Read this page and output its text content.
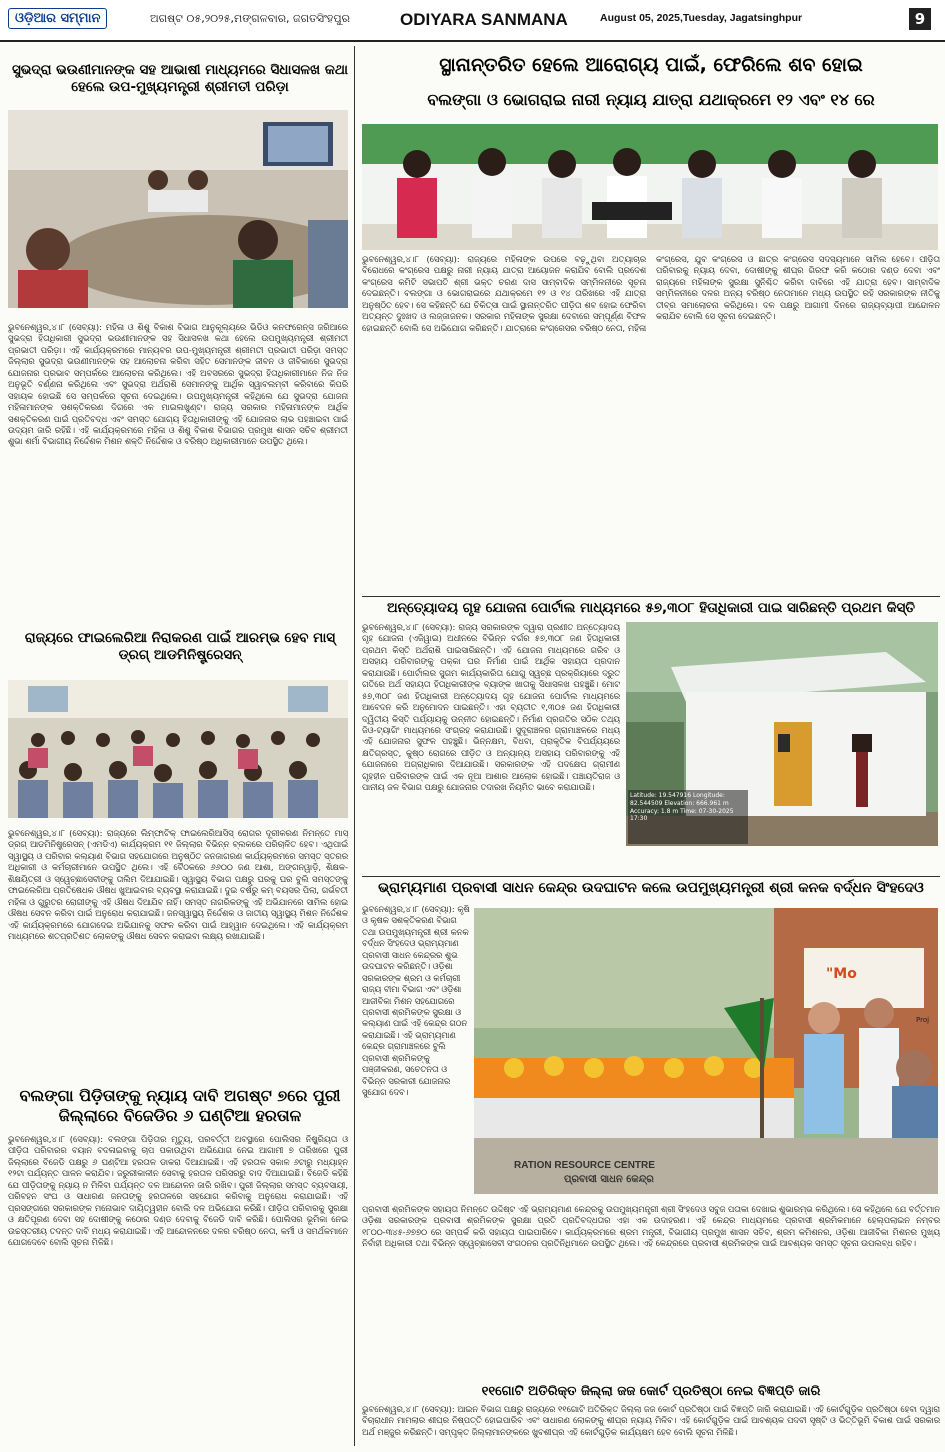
ଓଡ଼ିଆର ସମ୍ମାନ	ଅଗଷ୍ଟ ୦୫,୨୦୨୫,ମଙ୍ଗଳବାର, ଜଗତସିଂହପୁର	ODIYARA SANMANA	August 05, 2025,Tuesday, Jagatsinghpur	9
ସୁଭଦ୍ରା ଭଉଣୀମାନଙ୍କ ସହ ଆଭାଷୀ ମାଧ୍ୟମରେ ସିଧାସଳଖ କଥା ହେଲେ ଉପ-ମୁଖ୍ୟମନ୍ତ୍ରୀ ଶ୍ରୀମତୀ ପରିଡ଼ା
ଭୁବନେଶ୍ୱର,୪।୮ (ସେବ୍ୟା): ମହିଳା ଓ ଶିଶୁ ବିକାଶ ବିଭାଗ ଆନୁକୂଲ୍ୟରେ ଭିଡିଓ କନଫରେନ୍ସ ଜରିଆରେ ସୁଭଦ୍ରା ହିତାଧିକାରୀ ସୁଭଦ୍ରା ଭଉଣୀମାନଙ୍କ ସହ ସିଧାସଳଖ କଥା ହେଲେ ଉପମୁଖ୍ୟମନ୍ତ୍ରୀ ଶ୍ରୀମତୀ ପ୍ରଭାତୀ ପରିଡ଼ା। ଏହି କାର୍ଯ୍ୟକ୍ରମରେ ମାନ୍ୟବର ଉପ-ମୁଖ୍ୟମନ୍ତ୍ରୀ ଶ୍ରୀମତୀ ପ୍ରଭାତୀ ପରିଡ଼ା ସମସ୍ତ ଜିଲ୍ଲାର ସୁଭଦ୍ରା ଭଉଣୀମାନଙ୍କ ସହ ଆଲୋଚନା କରିବା ସହିତ ସେମାନଙ୍କ ଜୀବନ ଓ ଜୀବିକାରେ ସୁଭଦ୍ରା ଯୋଜନାର ପ୍ରଭାବ ସମ୍ପର୍କରେ ଆଲୋଚନା କରିଥିଲେ। ଏହି ଅବସରରେ ସୁଭଦ୍ରା ହିତାଧିକାରୀମାନେ ନିଜ ନିଜ ଅନୁଭୂତି ବର୍ଣ୍ଣନା କରିଥିଲେ ଏବଂ ସୁଭଦ୍ରା ଅର୍ଥରାଶି ସେମାନଙ୍କୁ ଆର୍ଥିକ ସ୍ୱାବଲମ୍ବୀ କରିବାରେ କିପରି ସହାୟକ ହୋଇଛି ସେ ସମ୍ପର୍କରେ ସୂଚନା ଦେଇଥିଲେ। ଉପମୁଖ୍ୟମନ୍ତ୍ରୀ କହିଥିଲେ ଯେ ସୁଭଦ୍ରା ଯୋଜନା ମହିଳାମାନଙ୍କ ସଶକ୍ତିକରଣ ଦିଗରେ ଏକ ମାଇଲଖୁଣ୍ଟ। ରାଜ୍ୟ ସରକାର ମହିଳାମାନଙ୍କ ଆର୍ଥିକ ସଶକ୍ତିକରଣ ପାଇଁ ପ୍ରତିବଦ୍ଧ ଏବଂ ସମସ୍ତ ଯୋଗ୍ୟ ହିତାଧିକାରୀଙ୍କୁ ଏହି ଯୋଜନାର ଲାଭ ପହଞ୍ଚାଇବା ପାଇଁ ଉଦ୍ୟମ ଜାରି ରହିଛି। ଏହି କାର୍ଯ୍ୟକ୍ରମରେ ମହିଳା ଓ ଶିଶୁ ବିକାଶ ବିଭାଗର ପ୍ରମୁଖ ଶାସନ ସଚିବ ଶ୍ରୀମତୀ ଶୁଭା ଶର୍ମା ବିଭାଗୀୟ ନିର୍ଦ୍ଦେଶକ ମିଶନ ଶକ୍ତି ନିର୍ଦ୍ଦେଶକ ଓ ବରିଷ୍ଠ ଅଧିକାରୀମାନେ ଉପସ୍ଥିତ ଥିଲେ।
ରାଜ୍ୟରେ ଫାଇଲେରିଆ ନିରାକରଣ ପାଇଁ ଆରମ୍ଭ ହେବ ମାସ୍ ଡ୍ରଗ୍ ଆଡମିନିଷ୍ଟ୍ରେସନ୍
ଭୁବନେଶ୍ୱର,୪।୮ (ସେବ୍ୟା): ରାଜ୍ୟରେ ଲିମ୍ଫାଟିକ୍ ଫାଇଲେରିଆସିସ୍ ରୋଗର ଦୂରୀକରଣ ନିମନ୍ତେ ମାସ୍ ଡ୍ରଗ୍ ଆଡମିନିଷ୍ଟ୍ରେସନ୍ (ଏମଡିଏ) କାର୍ଯ୍ୟକ୍ରମ ୧୧ ଜିଲ୍ଲାର ବିଭିନ୍ନ ବ୍ଲକରେ ପରିଚାଳିତ ହେବ। ଏଥିପାଇଁ ସ୍ୱାସ୍ଥ୍ୟ ଓ ପରିବାର କଲ୍ୟାଣ ବିଭାଗ ସହଯୋଗରେ ଅନୁଷ୍ଠିତ ଜନଜାଗରଣ କାର୍ଯ୍ୟକ୍ରମରେ ସମସ୍ତ ସ୍ତରର ଅଧିକାରୀ ଓ କର୍ମଚାରୀମାନେ ଉପସ୍ଥିତ ଥିଲେ। ଏହି ବୈଠକରେ ୬୬୦୦ ଜଣ ଆଶା, ଅଙ୍ଗନୱାଡ଼ି, ଶିକ୍ଷକ-ଶିକ୍ଷୟିତ୍ରୀ ଓ ସ୍ୱେଚ୍ଛାସେବୀଙ୍କୁ ତାଲିମ ଦିଆଯାଇଛି। ସ୍ୱାସ୍ଥ୍ୟ ବିଭାଗ ପକ୍ଷରୁ ଘରକୁ ଘର ବୁଲି ସମସ୍ତଙ୍କୁ ଫାଇଲେରିଆ ପ୍ରତିଷେଧକ ଔଷଧ ଖୁଆଇବାର ବ୍ୟବସ୍ଥା କରାଯାଇଛି। ଦୁଇ ବର୍ଷରୁ କମ୍ ବୟସର ପିଲା, ଗର୍ଭବତୀ ମହିଳା ଓ ଗୁରୁତର ରୋଗୀଙ୍କୁ ଏହି ଔଷଧ ଦିଆଯିବ ନାହିଁ। ସମସ୍ତ ନାଗରିକଙ୍କୁ ଏହି ଅଭିଯାନରେ ସାମିଲ ହୋଇ ଔଷଧ ସେବନ କରିବା ପାଇଁ ଅନୁରୋଧ କରାଯାଇଛି। ଜନସ୍ୱାସ୍ଥ୍ୟ ନିର୍ଦ୍ଦେଶକ ଓ ଜାତୀୟ ସ୍ୱାସ୍ଥ୍ୟ ମିଶନ ନିର୍ଦ୍ଦେଶକ ଏହି କାର୍ଯ୍ୟକ୍ରମରେ ଯୋଗଦେଇ ଅଭିଯାନକୁ ସଫଳ କରିବା ପାଇଁ ଆହ୍ୱାନ ଦେଇଥିଲେ। ଏହି କାର୍ଯ୍ୟକ୍ରମ ମାଧ୍ୟମରେ ଶତପ୍ରତିଶତ ଲୋକଙ୍କୁ ଔଷଧ ସେବନ କରାଇବା ଲକ୍ଷ୍ୟ ରଖାଯାଇଛି।
ବଲଙ୍ଗା ପିଡ଼ିତାଙ୍କୁ ନ୍ୟାୟ ଦାବି ଅଗଷ୍ଟ ୭ରେ ପୁରୀ ଜିଲ୍ଲାରେ ବିଜେଡିର ୬ ଘଣ୍ଟିଆ ହରତାଳ
ଭୁବନେଶ୍ୱର,୪।୮ (ସେବ୍ୟା): ବଲଙ୍ଗା ପିଡ଼ିତାର ମୃତ୍ୟୁ, ପରବର୍ତ୍ତୀ ଅବସ୍ଥାରେ ପୋଲିସର ନିଷ୍କ୍ରିୟତା ଓ ପୀଡ଼ିତା ପରିବାରର ବୟାନ ବଦଳାଇବାକୁ ଚାପ ପକାଉଥିବା ଅଭିଯୋଗ ନେଇ ଆଗାମୀ ୭ ତାରିଖରେ ପୁରୀ ଜିଲ୍ଲାରେ ବିଜେଡି ପକ୍ଷରୁ ୬ ଘଣ୍ଟିଆ ହରତାଳ ଡାକରା ଦିଆଯାଇଛି। ଏହି ହରତାଳ ସକାଳ ୬ଟାରୁ ମଧ୍ୟାହ୍ନ ୧୨ଟା ପର୍ଯ୍ୟନ୍ତ ପାଳନ କରାଯିବ। ଜରୁରୀକାଳୀନ ସେବାକୁ ହରତାଳ ପରିସରରୁ ବାଦ ଦିଆଯାଇଛି। ବିଜେଡି କହିଛି ଯେ ପୀଡ଼ିତାଙ୍କୁ ନ୍ୟାୟ ନ ମିଳିବା ପର୍ଯ୍ୟନ୍ତ ଦଳ ଆନ୍ଦୋଳନ ଜାରି ରଖିବ। ପୁରୀ ଜିଲ୍ଲାର ସମସ୍ତ ବ୍ୟବସାୟୀ, ପରିବହନ ସଂଘ ଓ ସାଧାରଣ ଜନତାଙ୍କୁ ହରତାଳରେ ସହଯୋଗ କରିବାକୁ ଅନୁରୋଧ କରାଯାଇଛି। ଏହି ପ୍ରସଙ୍ଗରେ ସରକାରଙ୍କ ମନୋଭାବ ଦାୟିତ୍ୱହୀନ ବୋଲି ଦଳ ଅଭିଯୋଗ କରିଛି। ପୀଡ଼ିତା ପରିବାରକୁ ସୁରକ୍ଷା ଓ କ୍ଷତିପୂରଣ ଦେବା ସହ ଦୋଷୀଙ୍କୁ କଠୋର ଦଣ୍ଡ ଦେବାକୁ ବିଜେଡି ଦାବି କରିଛି। ପୋଲିସର ଭୂମିକା ନେଇ ଉଚ୍ଚସ୍ତରୀୟ ତଦନ୍ତ ଦାବି ମଧ୍ୟ କରାଯାଇଛି। ଏହି ଆନ୍ଦୋଳନରେ ଦଳର ବରିଷ୍ଠ ନେତା, କର୍ମୀ ଓ ସମର୍ଥକମାନେ ଯୋଗଦେବେ ବୋଲି ସୂଚନା ମିଳିଛି।
ସ୍ଥାନାନ୍ତରିତ ହେଲେ ଆରୋଗ୍ୟ ପାଇଁ, ଫେରିଲେ ଶବ ହୋଇ
ବଲଙ୍ଗା ଓ ଭୋଗରାଇ ନାରୀ ନ୍ୟାୟ ଯାତ୍ରା ଯଥାକ୍ରମେ ୧୨ ଏବଂ ୧୪ ରେ
ଭୁବନେଶ୍ୱର,୪।୮ (ସେବ୍ୟା): ରାଜ୍ୟରେ ମହିଳାଙ୍କ ଉପରେ ବଢ଼ୁଥିବା ଅତ୍ୟାଚାର ବିରୋଧରେ କଂଗ୍ରେସ ପକ୍ଷରୁ ନାରୀ ନ୍ୟାୟ ଯାତ୍ରା ଆୟୋଜନ କରାଯିବ ବୋଲି ପ୍ରଦେଶ କଂଗ୍ରେସ କମିଟି ସଭାପତି ଶ୍ରୀ ଭକ୍ତ ଚରଣ ଦାସ ସାମ୍ବାଦିକ ସମ୍ମିଳନୀରେ ସୂଚନା ଦେଇଛନ୍ତି। ବଲଙ୍ଗା ଓ ଭୋଗରାଇରେ ଯଥାକ୍ରମେ ୧୨ ଓ ୧୪ ତାରିଖରେ ଏହି ଯାତ୍ରା ଅନୁଷ୍ଠିତ ହେବ। ସେ କହିଛନ୍ତି ଯେ ଚିକିତ୍ସା ପାଇଁ ସ୍ଥାନାନ୍ତରିତ ପୀଡ଼ିତା ଶବ ହୋଇ ଫେରିବା ଅତ୍ୟନ୍ତ ଦୁଃଖଦ ଓ ଲଜ୍ଜାଜନକ। ସରକାର ମହିଳାଙ୍କ ସୁରକ୍ଷା ଦେବାରେ ସମ୍ପୂର୍ଣ୍ଣ ବିଫଳ ହୋଇଛନ୍ତି ବୋଲି ସେ ଅଭିଯୋଗ କରିଛନ୍ତି। ଯାତ୍ରାରେ କଂଗ୍ରେସର ବରିଷ୍ଠ ନେତା, ମହିଳା କଂଗ୍ରେସ, ଯୁବ କଂଗ୍ରେସ ଓ ଛାତ୍ର କଂଗ୍ରେସ ସଦସ୍ୟମାନେ ସାମିଲ ହେବେ। ପୀଡ଼ିତା ପରିବାରକୁ ନ୍ୟାୟ ଦେବା, ଦୋଷୀଙ୍କୁ ଶୀଘ୍ର ଗିରଫ କରି କଠୋର ଦଣ୍ଡ ଦେବା ଏବଂ ରାଜ୍ୟରେ ମହିଳାଙ୍କ ସୁରକ୍ଷା ସୁନିଶ୍ଚିତ କରିବା ଦାବିରେ ଏହି ଯାତ୍ରା ହେବ। ସାମ୍ବାଦିକ ସମ୍ମିଳନୀରେ ଦଳର ଅନ୍ୟ ବରିଷ୍ଠ ନେତାମାନେ ମଧ୍ୟ ଉପସ୍ଥିତ ରହି ସରକାରଙ୍କ ନୀତିକୁ ତୀବ୍ର ସମାଲୋଚନା କରିଥିଲେ। ଦଳ ପକ୍ଷରୁ ଆଗାମୀ ଦିନରେ ରାଜ୍ୟବ୍ୟାପୀ ଆନ୍ଦୋଳନ କରାଯିବ ବୋଲି ସେ ସୂଚନା ଦେଇଛନ୍ତି।
ଅନ୍ତ୍ୟୋଦୟ ଗୃହ ଯୋଜନା ପୋର୍ଟାଲ ମାଧ୍ୟମରେ ୫୭,୩୦୮ ହିତାଧିକାରୀ ପାଇ ସାରିଛନ୍ତି ପ୍ରଥମ କିସ୍ତି
ଭୁବନେଶ୍ୱର,୪।୮ (ସେବ୍ୟା): ରାଜ୍ୟ ସରକାରଙ୍କ ଦ୍ୱାରା ପ୍ରଣୀତ ଅନ୍ତ୍ୟୋଦୟ ଗୃହ ଯୋଜନା (ଏଜିୱାଇ) ଅଧୀନରେ ବିଭିନ୍ନ ବର୍ଗର ୫୭,୩୦୮ ଜଣ ହିତାଧିକାରୀ ପ୍ରଥମ କିସ୍ତି ଅର୍ଥରାଶି ପାଇସାରିଛନ୍ତି। ଏହି ଯୋଜନା ମାଧ୍ୟମରେ ଗରିବ ଓ ଅସହାୟ ପରିବାରଙ୍କୁ ପକ୍କା ଘର ନିର୍ମାଣ ପାଇଁ ଆର୍ଥିକ ସହାୟତା ପ୍ରଦାନ କରାଯାଉଛି। ପୋର୍ଟାଲର ସୁଗମ କାର୍ଯ୍ୟକାରିତା ଯୋଗୁ ସ୍ୱଚ୍ଛ ପ୍ରକ୍ରିୟାରେ ଦ୍ରୁତ ଗତିରେ ଅର୍ଥ ସହାୟତା ହିତାଧିକାରୀଙ୍କ ବ୍ୟାଙ୍କ ଖାତାକୁ ସିଧାସଳଖ ପହଞ୍ଚୁଛି। ମୋଟ ୫୭,୩୦୮ ଜଣ ହିତାଧିକାରୀ ଅନ୍ତ୍ୟୋଦୟ ଗୃହ ଯୋଜନା ପୋର୍ଟାଲ ମାଧ୍ୟମରେ ଆବେଦନ କରି ଅନୁମୋଦନ ପାଇଛନ୍ତି। ଏହା ବ୍ୟତୀତ ୧,୩୦୫ ଜଣ ହିତାଧିକାରୀ ଦ୍ୱିତୀୟ କିସ୍ତି ପର୍ଯ୍ୟାୟକୁ ଉନ୍ନୀତ ହୋଇଛନ୍ତି। ନିର୍ମାଣ ପ୍ରଗତିର ସଠିକ ତଥ୍ୟ ଜିଓ-ଟ୍ୟାଗିଂ ମାଧ୍ୟମରେ ସଂଗ୍ରହ କରାଯାଉଛି। ସୁଦୂରାଞ୍ଚଳର ଗ୍ରାମାଞ୍ଚଳରେ ମଧ୍ୟ ଏହି ଯୋଜନାର ସୁଫଳ ପହଞ୍ଚୁଛି। ଭିନ୍ନକ୍ଷମ, ବିଧବା, ପ୍ରାକୃତିକ ବିପର୍ଯ୍ୟୟରେ କ୍ଷତିଗ୍ରସ୍ତ, କୁଷ୍ଠ ରୋଗରେ ପୀଡ଼ିତ ଓ ଅନ୍ୟାନ୍ୟ ଅସହାୟ ପରିବାରଙ୍କୁ ଏହି ଯୋଜନାରେ ଅଗ୍ରାଧିକାର ଦିଆଯାଉଛି। ସରକାରଙ୍କ ଏହି ପଦକ୍ଷେପ ଗ୍ରାମୀଣ ଗୃହହୀନ ପରିବାରଙ୍କ ପାଇଁ ଏକ ନୂଆ ଆଶାର ଆଲୋକ ହୋଇଛି। ପଞ୍ଚାୟତିରାଜ ଓ ପାନୀୟ ଜଳ ବିଭାଗ ପକ୍ଷରୁ ଯୋଜନାର ତଦାରଖ ନିୟମିତ ଭାବେ କରାଯାଉଛି।
Latitude: 19.547916 Longitude: 82.544509 Elevation: 666.961 m Accuracy: 1.8 m Time: 07-30-2025 17:30
ଭ୍ରାମ୍ୟମାଣ ପ୍ରବାସୀ ସାଧନ କେନ୍ଦ୍ର ଉଦଘାଟନ କଲେ ଉପମୁଖ୍ୟମନ୍ତ୍ରୀ ଶ୍ରୀ କନକ ବର୍ଦ୍ଧନ ସିଂହଦେଓ
ଭୁବନେଶ୍ୱର,୪।୮ (ସେବ୍ୟା): କୃଷି ଓ କୃଷକ ସଶକ୍ତିକରଣ ବିଭାଗ ତଥା ଉପମୁଖ୍ୟମନ୍ତ୍ରୀ ଶ୍ରୀ କନକ ବର୍ଦ୍ଧନ ସିଂହଦେଓ ଭ୍ରାମ୍ୟମାଣ ପ୍ରବାସୀ ସାଧନ କେନ୍ଦ୍ରର ଶୁଭ ଉଦଘାଟନ କରିଛନ୍ତି। ଓଡ଼ିଶା ସରକାରଙ୍କ ଶ୍ରମ ଓ କର୍ମଚାରୀ ରାଜ୍ୟ ବୀମା ବିଭାଗ ଏବଂ ଓଡ଼ିଶା ଆଜୀବିକା ମିଶନ ସହଯୋଗରେ ପ୍ରବାସୀ ଶ୍ରମିକଙ୍କ ସୁରକ୍ଷା ଓ କଲ୍ୟାଣ ପାଇଁ ଏହି କେନ୍ଦ୍ର ଗଠନ କରାଯାଇଛି। ଏହି ଭ୍ରାମ୍ୟମାଣ କେନ୍ଦ୍ର ଗ୍ରାମାଞ୍ଚଳରେ ବୁଲି ପ୍ରବାସୀ ଶ୍ରମିକଙ୍କୁ ପଞ୍ଜୀକରଣ, ସଚେତନତା ଓ ବିଭିନ୍ନ ସରକାରୀ ଯୋଜନାର ସୁଯୋଗ ଦେବ।
"Mo
Proj
RATION RESOURCE CENTRE
ପ୍ରବାସୀ ସାଧନ କେନ୍ଦ୍ର
ପ୍ରବାସୀ ଶ୍ରମିକଙ୍କ ସହାୟତା ନିମନ୍ତେ ଉଦ୍ଦିଷ୍ଟ ଏହି ଭ୍ରାମ୍ୟମାଣ କେନ୍ଦ୍ରକୁ ଉପମୁଖ୍ୟମନ୍ତ୍ରୀ ଶ୍ରୀ ସିଂହଦେଓ ସବୁଜ ପତାକା ଦେଖାଇ ଶୁଭାରମ୍ଭ କରିଥିଲେ। ସେ କହିଥିଲେ ଯେ ବର୍ତ୍ତମାନ ଓଡ଼ିଶା ସରକାରଙ୍କ ପ୍ରବାସୀ ଶ୍ରମିକଙ୍କ ସୁରକ୍ଷା ପ୍ରତି ପ୍ରତିବଦ୍ଧତାର ଏହା ଏକ ଉଦାହରଣ। ଏହି କେନ୍ଦ୍ର ମାଧ୍ୟମରେ ପ୍ରବାସୀ ଶ୍ରମିକମାନେ ହେଲ୍ପଲାଇନ ନମ୍ବର ୧୮୦୦-୩୪୫-୬୭୭୦ ରେ ସମ୍ପର୍କ କରି ସହାୟତା ପାଇପାରିବେ। କାର୍ଯ୍ୟକ୍ରମରେ ଶ୍ରମ ମନ୍ତ୍ରୀ, ବିଭାଗୀୟ ପ୍ରମୁଖ ଶାସନ ସଚିବ, ଶ୍ରମ କମିଶନର, ଓଡ଼ିଶା ଆଜୀବିକା ମିଶନର ମୁଖ୍ୟ ନିର୍ବାହୀ ଅଧିକାରୀ ତଥା ବିଭିନ୍ନ ସ୍ୱେଚ୍ଛାସେବୀ ସଂଗଠନର ପ୍ରତିନିଧିମାନେ ଉପସ୍ଥିତ ଥିଲେ। ଏହି କେନ୍ଦ୍ରରେ ପ୍ରବାସୀ ଶ୍ରମିକଙ୍କ ପାଇଁ ଆବଶ୍ୟକ ସମସ୍ତ ସୂଚନା ଉପଲବ୍ଧ ରହିବ।
୧୧ଗୋଟି ଅତିରିକ୍ତ ଜିଲ୍ଲା ଜଜ କୋର୍ଟ ପ୍ରତିଷ୍ଠା ନେଇ ବିଜ୍ଞପ୍ତି ଜାରି
ଭୁବନେଶ୍ୱର,୪।୮ (ସେବ୍ୟା): ଆଇନ ବିଭାଗ ପକ୍ଷରୁ ରାଜ୍ୟରେ ୧୧ଗୋଟି ଅତିରିକ୍ତ ଜିଲ୍ଲା ଜଜ କୋର୍ଟ ପ୍ରତିଷ୍ଠା ପାଇଁ ବିଜ୍ଞପ୍ତି ଜାରି କରାଯାଇଛି। ଏହି କୋର୍ଟଗୁଡ଼ିକ ପ୍ରତିଷ୍ଠା ହେବା ଦ୍ୱାରା ବିଚାରାଧୀନ ମାମଲାର ଶୀଘ୍ର ନିଷ୍ପତ୍ତି ହୋଇପାରିବ ଏବଂ ସାଧାରଣ ଲୋକଙ୍କୁ ଶୀଘ୍ର ନ୍ୟାୟ ମିଳିବ। ଏହି କୋର୍ଟଗୁଡ଼ିକ ପାଇଁ ଆବଶ୍ୟକ ପଦବୀ ସୃଷ୍ଟି ଓ ଭିତ୍ତିଭୂମି ବିକାଶ ପାଇଁ ସରକାର ଅର୍ଥ ମଞ୍ଜୁର କରିଛନ୍ତି। ସମ୍ପୃକ୍ତ ଜିଲ୍ଲାମାନଙ୍କରେ ଖୁବଶୀଘ୍ର ଏହି କୋର୍ଟଗୁଡ଼ିକ କାର୍ଯ୍ୟକ୍ଷମ ହେବ ବୋଲି ସୂଚନା ମିଳିଛି।
